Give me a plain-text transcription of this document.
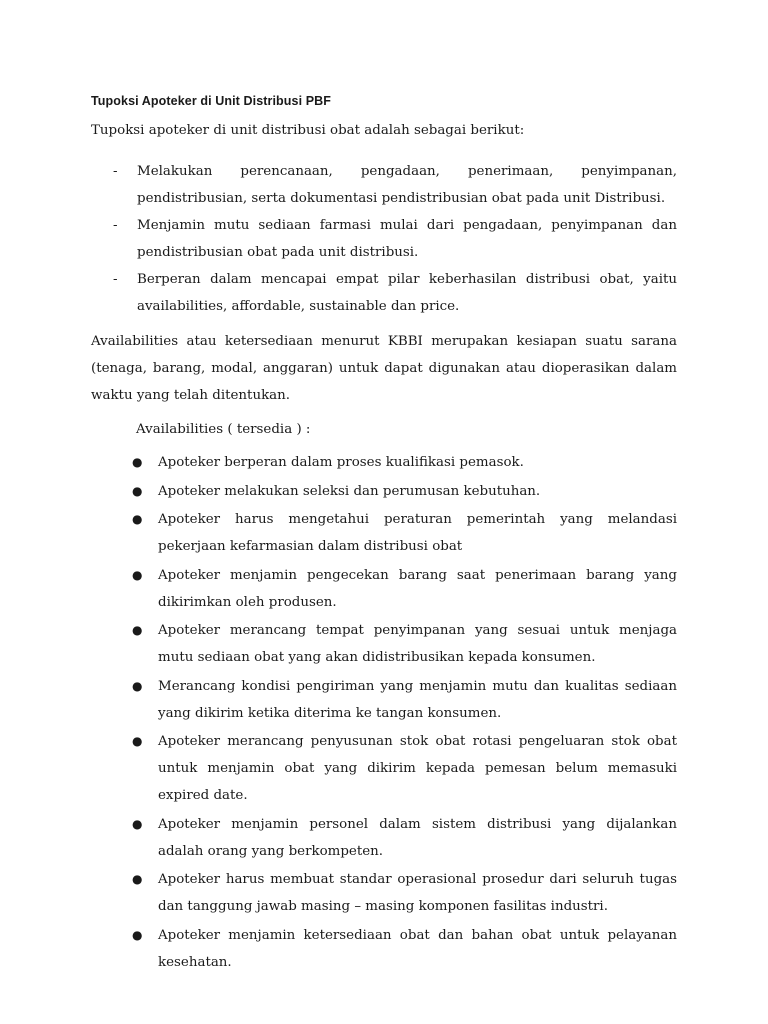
Tupoksi Apoteker di Unit Distribusi PBF
Tupoksi apoteker di unit distribusi obat adalah sebagai berikut:
- Melakukan perencanaan, pengadaan, penerimaan, penyimpanan, pendistribusian, serta dokumentasi pendistribusian obat pada unit Distribusi.
- Menjamin mutu sediaan farmasi mulai dari pengadaan, penyimpanan dan pendistribusian obat pada unit distribusi.
- Berperan dalam mencapai empat pilar keberhasilan distribusi obat, yaitu availabilities, affordable, sustainable dan price.

Availabilities atau ketersediaan menurut KBBI merupakan kesiapan suatu sarana (tenaga, barang, modal, anggaran) untuk dapat digunakan atau dioperasikan dalam waktu yang telah ditentukan.

Availabilities ( tersedia ) :
● Apoteker berperan dalam proses kualifikasi pemasok.
● Apoteker melakukan seleksi dan perumusan kebutuhan.
● Apoteker harus mengetahui peraturan pemerintah yang melandasi pekerjaan kefarmasian dalam distribusi obat
● Apoteker menjamin pengecekan barang saat penerimaan barang yang dikirimkan oleh produsen.
● Apoteker merancang tempat penyimpanan yang sesuai untuk menjaga mutu sediaan obat yang akan didistribusikan kepada konsumen.
● Merancang kondisi pengiriman yang menjamin mutu dan kualitas sediaan yang dikirim ketika diterima ke tangan konsumen.
● Apoteker merancang penyusunan stok obat rotasi pengeluaran stok obat untuk menjamin obat yang dikirim kepada pemesan belum memasuki expired date.
● Apoteker menjamin personel dalam sistem distribusi yang dijalankan adalah orang yang berkompeten.
● Apoteker harus membuat standar operasional prosedur dari seluruh tugas dan tanggung jawab masing – masing komponen fasilitas industri.
● Apoteker menjamin ketersediaan obat dan bahan obat untuk pelayanan kesehatan.
